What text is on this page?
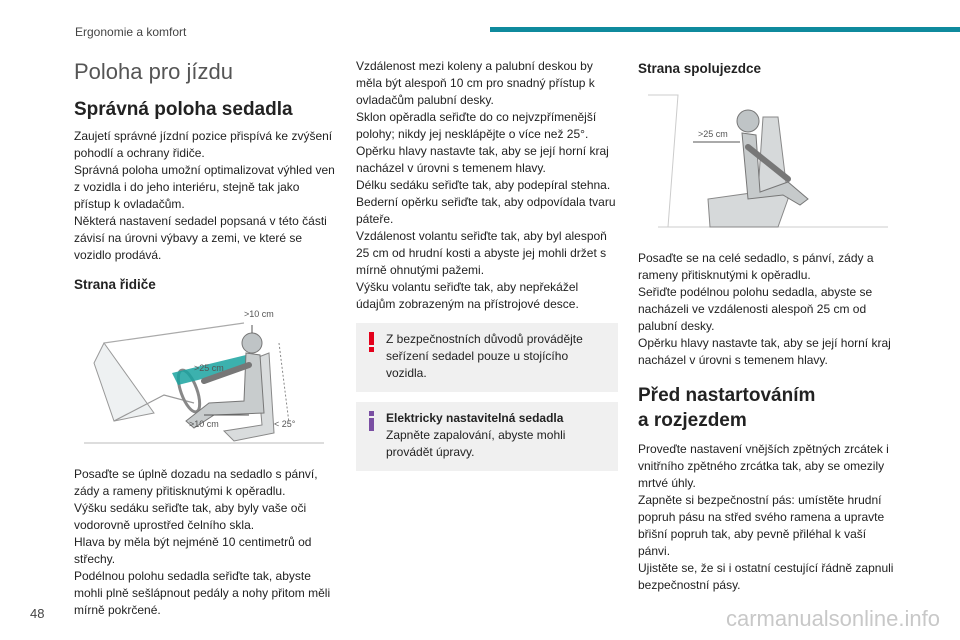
Ergonomie a komfort
Poloha pro jízdu
Správná poloha sedadla

Zaujetí správné jízdní pozice přispívá ke zvýšení pohodlí a ochrany řidiče.

Správná poloha umožní optimalizovat výhled ven z vozidla i do jeho interiéru, stejně tak jako přístup k ovladačům.

Některá nastavení sedadel popsaná v této části závisí na úrovni výbavy a zemi, ve které se vozidlo prodává.

Strana řidiče
>10 cm
>25 cm
>10 cm	< 25°

Posaďte se úplně dozadu na sedadlo s pánví, zády a rameny přitisknutými k opěradlu.

Výšku sedáku seřiďte tak, aby byly vaše oči vodorovně uprostřed čelního skla.

Hlava by měla být nejméně 10 centimetrů od střechy.

Podélnou polohu sedadla seřiďte tak, abyste mohli plně sešlápnout pedály a nohy přitom měli mírně pokrčené.

Vzdálenost mezi koleny a palubní deskou by měla být alespoň 10 cm pro snadný přístup k ovladačům palubní desky.

Sklon opěradla seřiďte do co nejvzpřímenější polohy; nikdy jej nesklápějte o více než 25°.

Opěrku hlavy nastavte tak, aby se její horní kraj nacházel v úrovni s temenem hlavy.

Délku sedáku seřiďte tak, aby podepíral stehna.

Bederní opěrku seřiďte tak, aby odpovídala tvaru páteře.

Vzdálenost volantu seřiďte tak, aby byl alespoň 25 cm od hrudní kosti a abyste jej mohli držet s mírně ohnutými pažemi.

Výšku volantu seřiďte tak, aby nepřekážel údajům zobrazeným na přístrojové desce.

Z bezpečnostních důvodů provádějte seřízení sedadel pouze u stojícího vozidla.
Elektricky nastavitelná sedadla
Zapněte zapalování, abyste mohli provádět úpravy.
Strana spolujezdce
>25 cm

Posaďte se na celé sedadlo, s pánví, zády a rameny přitisknutými k opěradlu.

Seřiďte podélnou polohu sedadla, abyste se nacházeli ve vzdálenosti alespoň 25 cm od palubní desky.

Opěrku hlavy nastavte tak, aby se její horní kraj nacházel v úrovni s temenem hlavy.

Před nastartováním
a rozjezdem

Proveďte nastavení vnějších zpětných zrcátek i vnitřního zpětného zrcátka tak, aby se omezily mrtvé úhly.

Zapněte si bezpečnostní pás: umístěte hrudní popruh pásu na střed svého ramena a upravte břišní popruh tak, aby pevně přiléhal k vaší pánvi.

Ujistěte se, že si i ostatní cestující řádně zapnuli bezpečnostní pásy.

48	carmanualsonline.info
